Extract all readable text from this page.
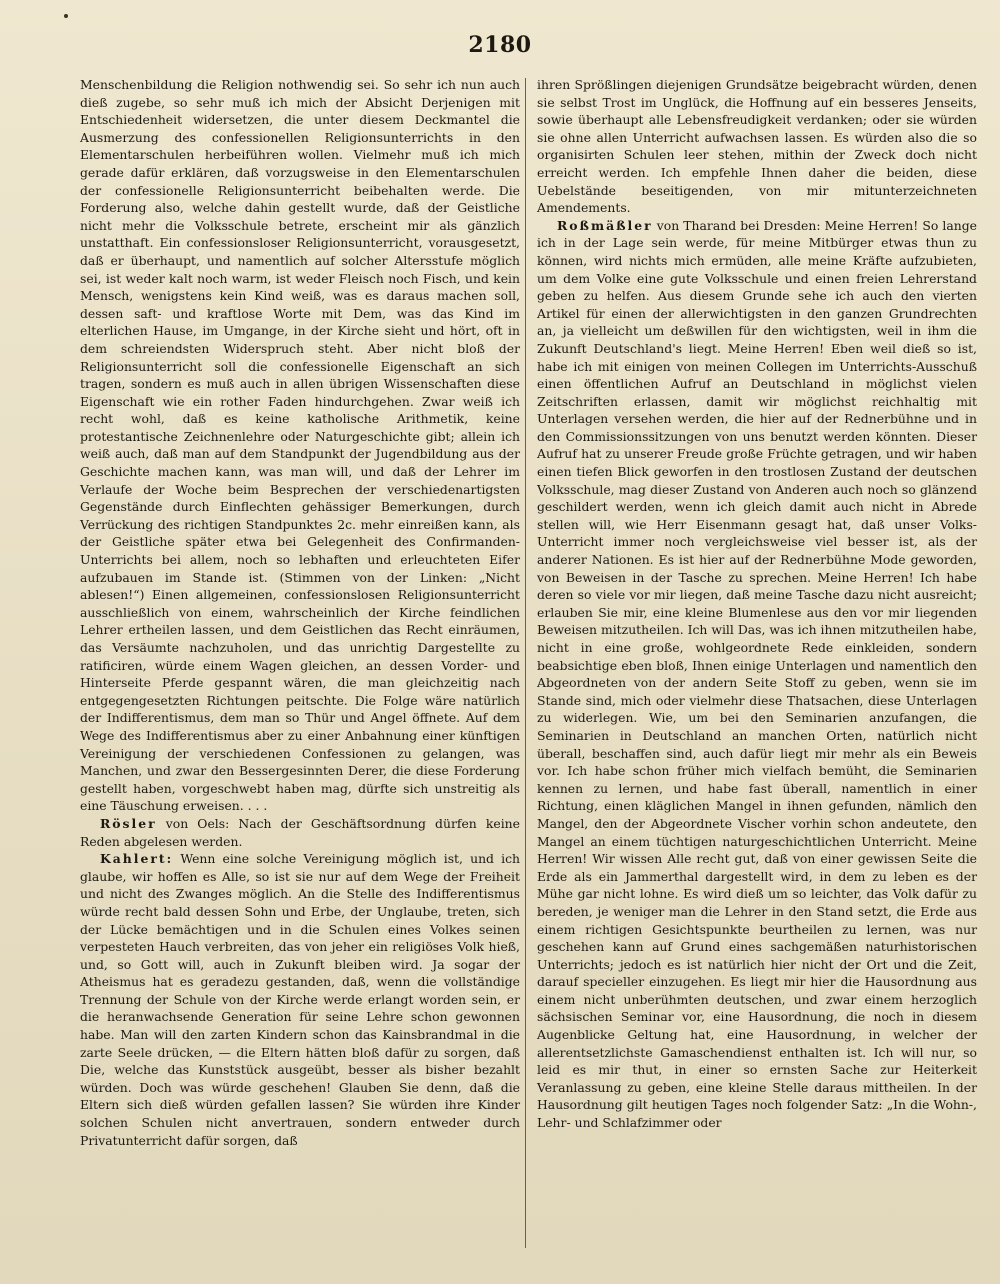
2180

Menschenbildung die Religion nothwendig sei. So sehr ich nun auch dieß zugebe, so sehr muß ich mich der Absicht Derjenigen mit Entschiedenheit widersetzen, die unter diesem Deckmantel die Ausmerzung des confessionellen Religionsunterrichts in den Elementarschulen herbeiführen wollen. Vielmehr muß ich mich gerade dafür erklären, daß vorzugsweise in den Elementarschulen der confessionelle Religionsunterricht beibehalten werde. Die Forderung also, welche dahin gestellt wurde, daß der Geistliche nicht mehr die Volksschule betrete, erscheint mir als gänzlich unstatthaft. Ein confessionsloser Religionsunterricht, vorausgesetzt, daß er überhaupt, und namentlich auf solcher Altersstufe möglich sei, ist weder kalt noch warm, ist weder Fleisch noch Fisch, und kein Mensch, wenigstens kein Kind weiß, was es daraus machen soll, dessen saft- und kraftlose Worte mit Dem, was das Kind im elterlichen Hause, im Umgange, in der Kirche sieht und hört, oft in dem schreiendsten Widerspruch steht. Aber nicht bloß der Religionsunterricht soll die confessionelle Eigenschaft an sich tragen, sondern es muß auch in allen übrigen Wissenschaften diese Eigenschaft wie ein rother Faden hindurchgehen. Zwar weiß ich recht wohl, daß es keine katholische Arithmetik, keine protestantische Zeichnenlehre oder Naturgeschichte gibt; allein ich weiß auch, daß man auf dem Standpunkt der Jugendbildung aus der Geschichte machen kann, was man will, und daß der Lehrer im Verlaufe der Woche beim Besprechen der verschiedenartigsten Gegenstände durch Einflechten gehässiger Bemerkungen, durch Verrückung des richtigen Standpunktes 2c. mehr einreißen kann, als der Geistliche später etwa bei Gelegenheit des Confirmanden-Unterrichts bei allem, noch so lebhaften und erleuchteten Eifer aufzubauen im Stande ist. (Stimmen von der Linken: „Nicht ablesen!“) Einen allgemeinen, confessionslosen Religionsunterricht ausschließlich von einem, wahrscheinlich der Kirche feindlichen Lehrer ertheilen lassen, und dem Geistlichen das Recht einräumen, das Versäumte nachzuholen, und das unrichtig Dargestellte zu ratificiren, würde einem Wagen gleichen, an dessen Vorder- und Hinterseite Pferde gespannt wären, die man gleichzeitig nach entgegengesetzten Richtungen peitschte. Die Folge wäre natürlich der Indifferentismus, dem man so Thür und Angel öffnete. Auf dem Wege des Indifferentismus aber zu einer Anbahnung einer künftigen Vereinigung der verschiedenen Confessionen zu gelangen, was Manchen, und zwar den Bessergesinnten Derer, die diese Forderung gestellt haben, vorgeschwebt haben mag, dürfte sich unstreitig als eine Täuschung erweisen. . . .

Rösler von Oels: Nach der Geschäftsordnung dürfen keine Reden abgelesen werden.

Kahlert: Wenn eine solche Vereinigung möglich ist, und ich glaube, wir hoffen es Alle, so ist sie nur auf dem Wege der Freiheit und nicht des Zwanges möglich. An die Stelle des Indifferentismus würde recht bald dessen Sohn und Erbe, der Unglaube, treten, sich der Lücke bemächtigen und in die Schulen eines Volkes seinen verpesteten Hauch verbreiten, das von jeher ein religiöses Volk hieß, und, so Gott will, auch in Zukunft bleiben wird. Ja sogar der Atheismus hat es geradezu gestanden, daß, wenn die vollständige Trennung der Schule von der Kirche werde erlangt worden sein, er die heranwachsende Generation für seine Lehre schon gewonnen habe. Man will den zarten Kindern schon das Kainsbrandmal in die zarte Seele drücken, — die Eltern hätten bloß dafür zu sorgen, daß Die, welche das Kunststück ausgeübt, besser als bisher bezahlt würden. Doch was würde geschehen! Glauben Sie denn, daß die Eltern sich dieß würden gefallen lassen? Sie würden ihre Kinder solchen Schulen nicht anvertrauen, sondern entweder durch Privatunterricht dafür sorgen, daß

ihren Sprößlingen diejenigen Grundsätze beigebracht würden, denen sie selbst Trost im Unglück, die Hoffnung auf ein besseres Jenseits, sowie überhaupt alle Lebensfreudigkeit verdanken; oder sie würden sie ohne allen Unterricht aufwachsen lassen. Es würden also die so organisirten Schulen leer stehen, mithin der Zweck doch nicht erreicht werden. Ich empfehle Ihnen daher die beiden, diese Uebelstände beseitigenden, von mir mitunterzeichneten Amendements.

Roßmäßler von Tharand bei Dresden: Meine Herren! So lange ich in der Lage sein werde, für meine Mitbürger etwas thun zu können, wird nichts mich ermüden, alle meine Kräfte aufzubieten, um dem Volke eine gute Volksschule und einen freien Lehrerstand geben zu helfen. Aus diesem Grunde sehe ich auch den vierten Artikel für einen der allerwichtigsten in den ganzen Grundrechten an, ja vielleicht um deßwillen für den wichtigsten, weil in ihm die Zukunft Deutschland's liegt. Meine Herren! Eben weil dieß so ist, habe ich mit einigen von meinen Collegen im Unterrichts-Ausschuß einen öffentlichen Aufruf an Deutschland in möglichst vielen Zeitschriften erlassen, damit wir möglichst reichhaltig mit Unterlagen versehen werden, die hier auf der Rednerbühne und in den Commissionssitzungen von uns benutzt werden könnten. Dieser Aufruf hat zu unserer Freude große Früchte getragen, und wir haben einen tiefen Blick geworfen in den trostlosen Zustand der deutschen Volksschule, mag dieser Zustand von Anderen auch noch so glänzend geschildert werden, wenn ich gleich damit auch nicht in Abrede stellen will, wie Herr Eisenmann gesagt hat, daß unser Volks-Unterricht immer noch vergleichsweise viel besser ist, als der anderer Nationen. Es ist hier auf der Rednerbühne Mode geworden, von Beweisen in der Tasche zu sprechen. Meine Herren! Ich habe deren so viele vor mir liegen, daß meine Tasche dazu nicht ausreicht; erlauben Sie mir, eine kleine Blumenlese aus den vor mir liegenden Beweisen mitzutheilen. Ich will Das, was ich ihnen mitzutheilen habe, nicht in eine große, wohlgeordnete Rede einkleiden, sondern beabsichtige eben bloß, Ihnen einige Unterlagen und namentlich den Abgeordneten von der andern Seite Stoff zu geben, wenn sie im Stande sind, mich oder vielmehr diese Thatsachen, diese Unterlagen zu widerlegen. Wie, um bei den Seminarien anzufangen, die Seminarien in Deutschland an manchen Orten, natürlich nicht überall, beschaffen sind, auch dafür liegt mir mehr als ein Beweis vor. Ich habe schon früher mich vielfach bemüht, die Seminarien kennen zu lernen, und habe fast überall, namentlich in einer Richtung, einen kläglichen Mangel in ihnen gefunden, nämlich den Mangel, den der Abgeordnete Vischer vorhin schon andeutete, den Mangel an einem tüchtigen naturgeschichtlichen Unterricht. Meine Herren! Wir wissen Alle recht gut, daß von einer gewissen Seite die Erde als ein Jammerthal dargestellt wird, in dem zu leben es der Mühe gar nicht lohne. Es wird dieß um so leichter, das Volk dafür zu bereden, je weniger man die Lehrer in den Stand setzt, die Erde aus einem richtigen Gesichtspunkte beurtheilen zu lernen, was nur geschehen kann auf Grund eines sachgemäßen naturhistorischen Unterrichts; jedoch es ist natürlich hier nicht der Ort und die Zeit, darauf specieller einzugehen. Es liegt mir hier die Hausordnung aus einem nicht unberühmten deutschen, und zwar einem herzoglich sächsischen Seminar vor, eine Hausordnung, die noch in diesem Augenblicke Geltung hat, eine Hausordnung, in welcher der allerentsetzlichste Gamaschendienst enthalten ist. Ich will nur, so leid es mir thut, in einer so ernsten Sache zur Heiterkeit Veranlassung zu geben, eine kleine Stelle daraus mittheilen. In der Hausordnung gilt heutigen Tages noch folgender Satz: „In die Wohn-, Lehr- und Schlafzimmer oder
